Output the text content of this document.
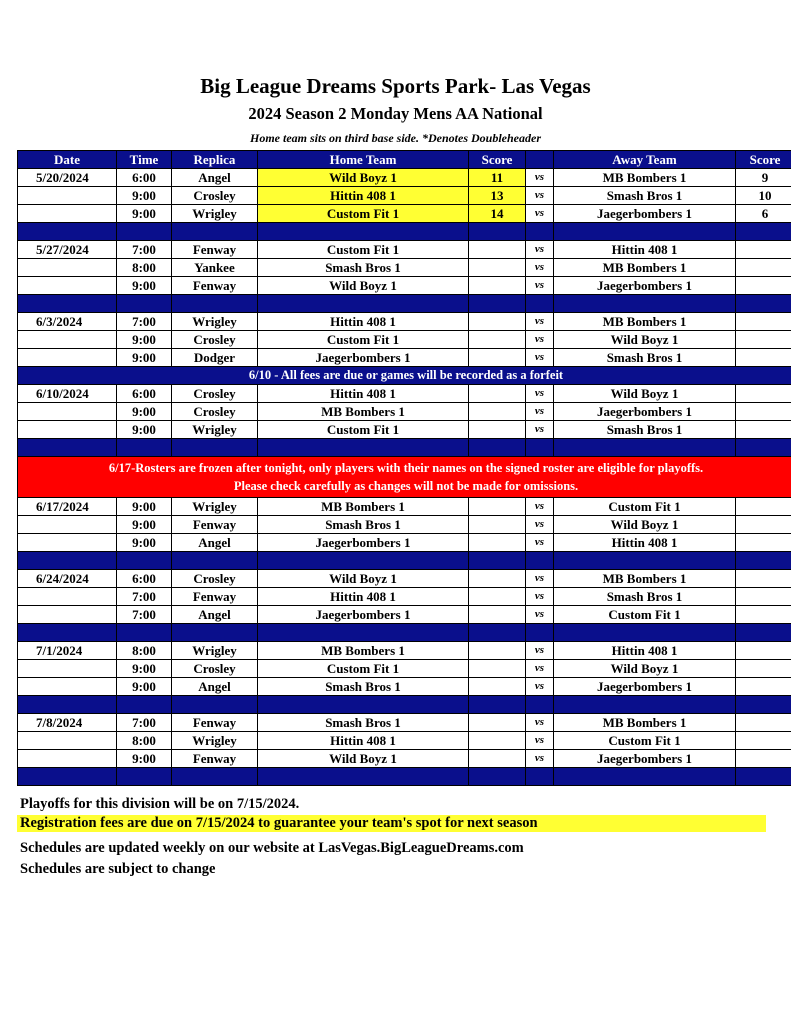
Big League Dreams Sports Park- Las Vegas
2024 Season 2 Monday Mens AA National
Home team sits on third base side. *Denotes Doubleheader
Date	Time	Replica	Home Team	Score		Away Team	Score
5/20/2024	6:00	Angel	Wild Boyz 1	11	vs	MB Bombers 1	9
	9:00	Crosley	Hittin 408 1	13	vs	Smash Bros 1	10
	9:00	Wrigley	Custom Fit 1	14	vs	Jaegerbombers 1	6

5/27/2024	7:00	Fenway	Custom Fit 1		vs	Hittin 408 1	
	8:00	Yankee	Smash Bros 1		vs	MB Bombers 1	
	9:00	Fenway	Wild Boyz 1		vs	Jaegerbombers 1	

6/3/2024	7:00	Wrigley	Hittin 408 1		vs	MB Bombers 1	
	9:00	Crosley	Custom Fit 1		vs	Wild Boyz 1	
	9:00	Dodger	Jaegerbombers 1		vs	Smash Bros 1	
6/10 - All fees are due or games will be recorded as a forfeit							
6/10/2024	6:00	Crosley	Hittin 408 1		vs	Wild Boyz 1	
	9:00	Crosley	MB Bombers 1		vs	Jaegerbombers 1	
	9:00	Wrigley	Custom Fit 1		vs	Smash Bros 1	

6/17-Rosters are frozen after tonight, only players with their names on the signed roster are eligible for playoffs.
Please check carefully as changes will not be made for omissions.							

6/17/2024	9:00	Wrigley	MB Bombers 1		vs	Custom Fit 1	
	9:00	Fenway	Smash Bros 1		vs	Wild Boyz 1	
	9:00	Angel	Jaegerbombers 1		vs	Hittin 408 1	

6/24/2024	6:00	Crosley	Wild Boyz 1		vs	MB Bombers 1	
	7:00	Fenway	Hittin 408 1		vs	Smash Bros 1	
	7:00	Angel	Jaegerbombers 1		vs	Custom Fit 1	

7/1/2024	8:00	Wrigley	MB Bombers 1		vs	Hittin 408 1	
	9:00	Crosley	Custom Fit 1		vs	Wild Boyz 1	
	9:00	Angel	Smash Bros 1		vs	Jaegerbombers 1	

7/8/2024	7:00	Fenway	Smash Bros 1		vs	MB Bombers 1	
	8:00	Wrigley	Hittin 408 1		vs	Custom Fit 1	
	9:00	Fenway	Wild Boyz 1		vs	Jaegerbombers 1	

Playoffs for this division will be on 7/15/2024.
Registration fees are due on 7/15/2024 to guarantee your team's spot for next season
Schedules are updated weekly on our website at LasVegas.BigLeagueDreams.com
Schedules are subject to change
